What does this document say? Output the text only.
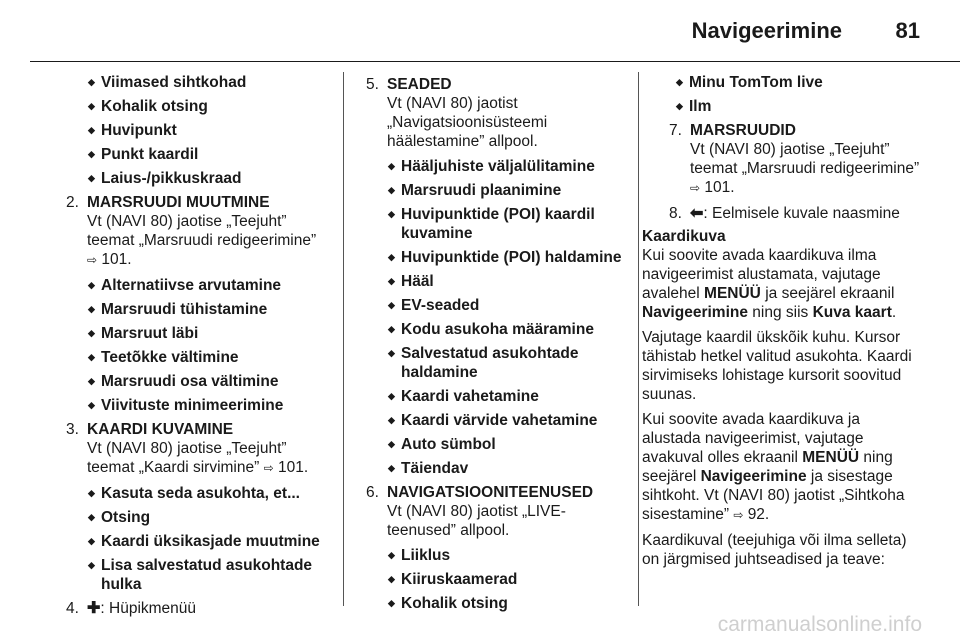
Navigeerimine 81
◆ Viimased sihtkohad
◆ Kohalik otsing
◆ Huvipunkt
◆ Punkt kaardil
◆ Laius-/pikkuskraad
2. MARSRUUDI MUUTMINE
Vt (NAVI 80) jaotise „Teejuht” teemat „Marsruudi redigeerimine”
⇨ 101.
◆ Alternatiivse arvutamine
◆ Marsruudi tühistamine
◆ Marsruut läbi
◆ Teetõkke vältimine
◆ Marsruudi osa vältimine
◆ Viivituste minimeerimine
3. KAARDI KUVAMINE
Vt (NAVI 80) jaotise „Teejuht” teemat „Kaardi sirvimine” ⇨ 101.
◆ Kasuta seda asukohta, et...
◆ Otsing
◆ Kaardi üksikasjade muutmine
◆ Lisa salvestatud asukohtade hulka
4. ✚: Hüpikmenüü
5. SEADED
Vt (NAVI 80) jaotist „Navigatsioonisüsteemi häälestamine” allpool.
◆ Hääljuhiste väljalülitamine
◆ Marsruudi plaanimine
◆ Huvipunktide (POI) kaardil kuvamine
◆ Huvipunktide (POI) haldamine
◆ Hääl
◆ EV-seaded
◆ Kodu asukoha määramine
◆ Salvestatud asukohtade haldamine
◆ Kaardi vahetamine
◆ Kaardi värvide vahetamine
◆ Auto sümbol
◆ Täiendav
6. NAVIGATSIOONITEENUSED
Vt (NAVI 80) jaotist „LIVE-teenused” allpool.
◆ Liiklus
◆ Kiiruskaamerad
◆ Kohalik otsing
◆ Minu TomTom live
◆ Ilm
7. MARSRUUDID
Vt (NAVI 80) jaotise „Teejuht” teemat „Marsruudi redigeerimine”
⇨ 101.
8. ⬅: Eelmisele kuvale naasmine
Kaardikuva

Kui soovite avada kaardikuva ilma navigeerimist alustamata, vajutage avalehel MENÜÜ ja seejärel ekraanil Navigeerimine ning siis Kuva kaart.

Vajutage kaardil ükskõik kuhu. Kursor tähistab hetkel valitud asukohta. Kaardi sirvimiseks lohistage kursorit soovitud suunas.

Kui soovite avada kaardikuva ja alustada navigeerimist, vajutage avakuval olles ekraanil MENÜÜ ning seejärel Navigeerimine ja sisestage sihtkoht. Vt (NAVI 80) jaotist „Sihtkoha sisestamine” ⇨ 92.

Kaardikuval (teejuhiga või ilma selleta) on järgmised juhtseadised ja teave:

carmanualsonline.info
